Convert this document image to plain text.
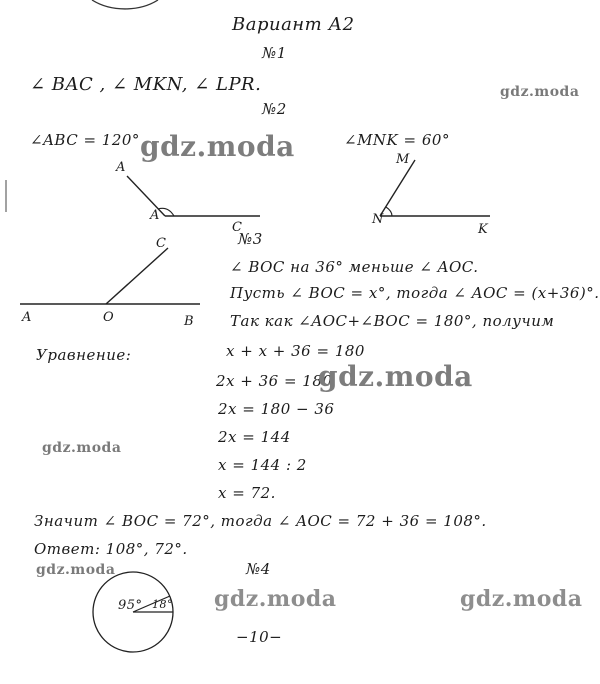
Вариант А2
№1
∠ BAC , ∠ MKN, ∠ LPR.
№2
∠ABC = 120°	∠MNK = 60°
A
A
C
M
N
K
№3
C
A	O	B
∠ BOC на 36° меньше ∠ AOC.
Пусть ∠ BOC = x°, тогда ∠ AOC = (x+36)°.
Так как ∠AOC+∠BOC = 180°, получим
Уравнение:	x + x + 36 = 180
2x + 36 = 180
2x = 180 − 36
2x = 144
x = 144 : 2
x = 72.
Значит ∠ BOC = 72°, тогда ∠ AOC = 72 + 36 = 108°.
Ответ: 108°, 72°.
№4
95° 18°
−10−
gdz.moda
gdz.moda
gdz.moda
gdz.moda
gdz.moda
gdz.moda	gdz.moda
